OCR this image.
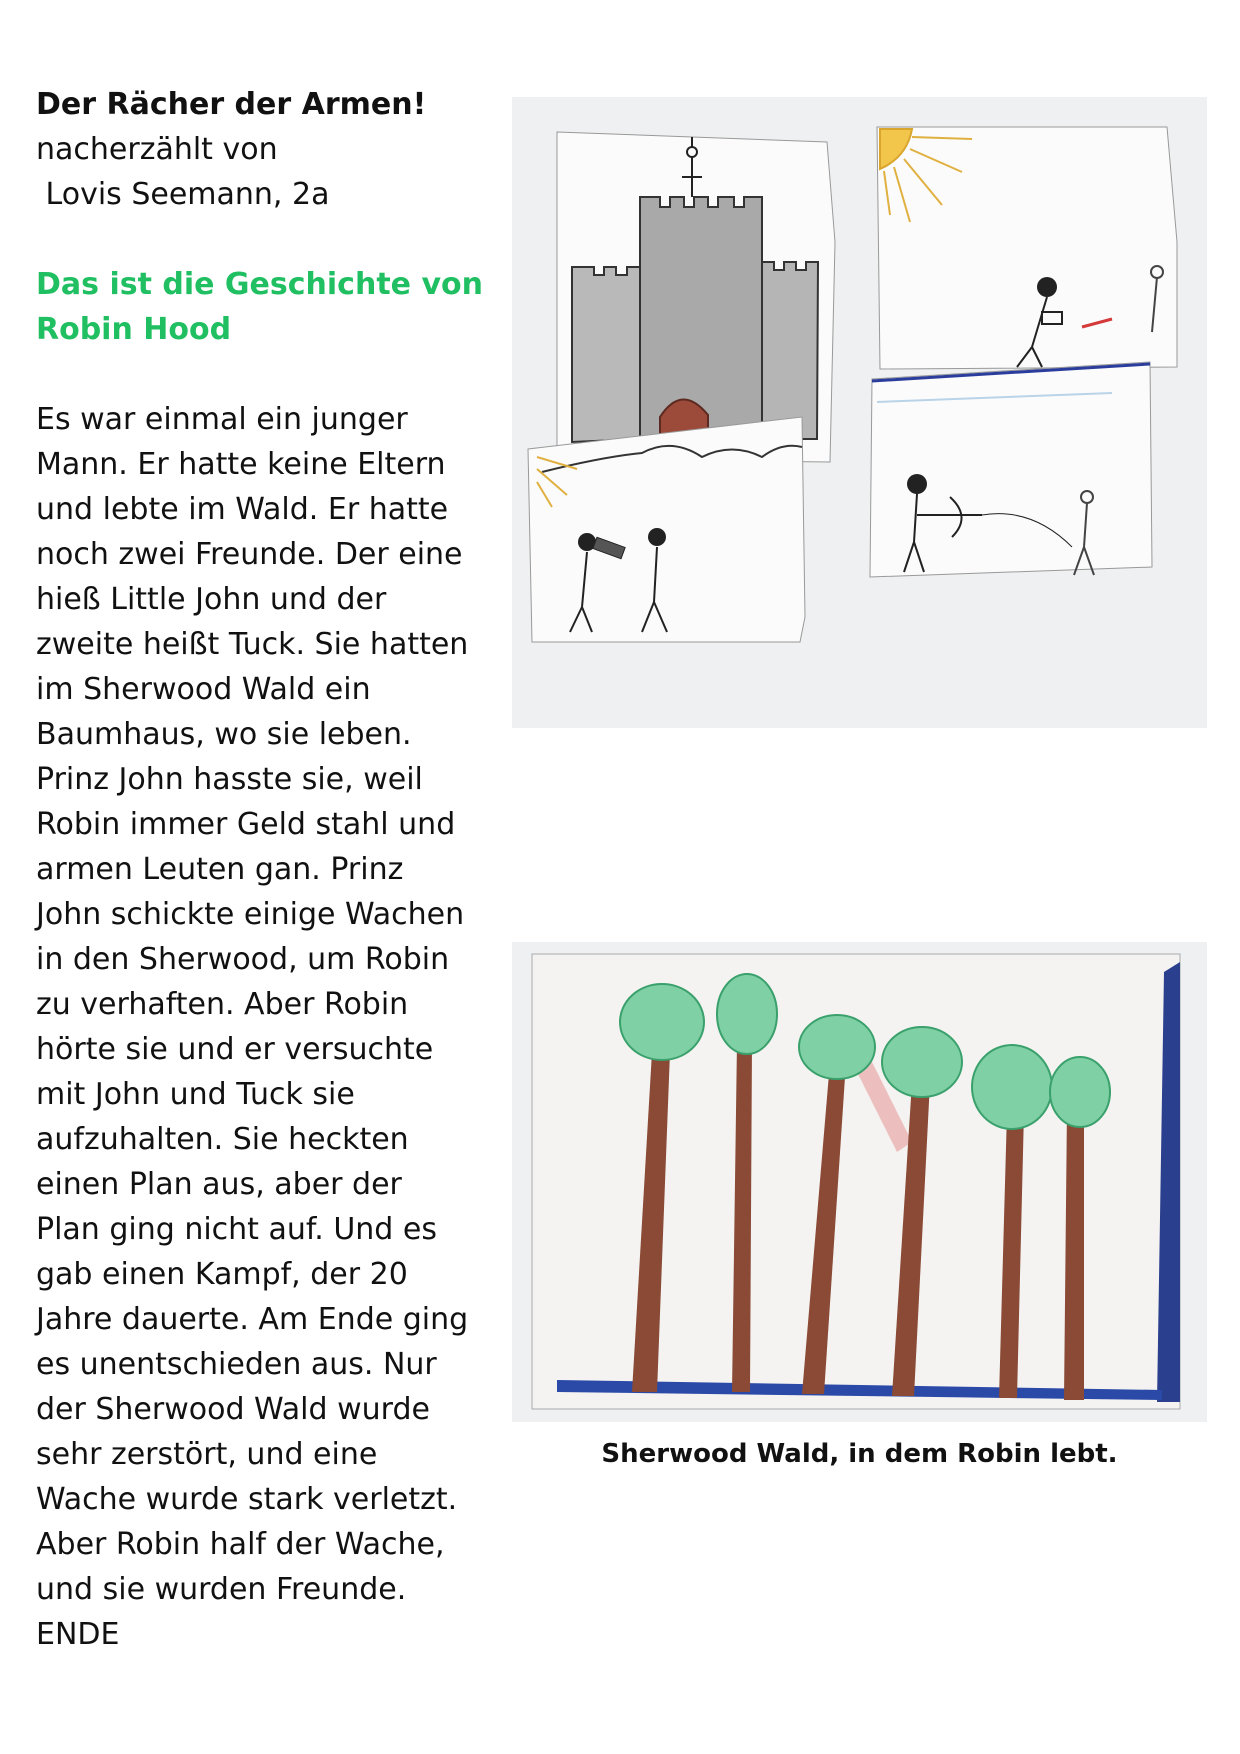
Der Rächer der Armen!
nacherzählt von
Lovis Seemann, 2a
Das ist die Geschichte von
Robin Hood
Es war einmal ein junger
Mann. Er hatte keine Eltern
und lebte im Wald. Er hatte
noch zwei Freunde. Der eine
hieß Little John und der
zweite heißt Tuck. Sie hatten
im Sherwood Wald ein
Baumhaus, wo sie leben.
Prinz John hasste sie, weil
Robin immer Geld stahl und
armen Leuten gan. Prinz
John schickte einige Wachen
in den Sherwood, um Robin
zu verhaften. Aber Robin
hörte sie und er versuchte
mit John und Tuck sie
aufzuhalten. Sie heckten
einen Plan aus, aber der
Plan ging nicht auf. Und es
gab einen Kampf, der 20
Jahre dauerte. Am Ende ging
es unentschieden aus. Nur
der Sherwood Wald wurde
sehr zerstört, und eine
Wache wurde stark verletzt.
Aber Robin half der Wache,
und sie wurden Freunde.
ENDE
Sherwood Wald, in dem Robin lebt.
